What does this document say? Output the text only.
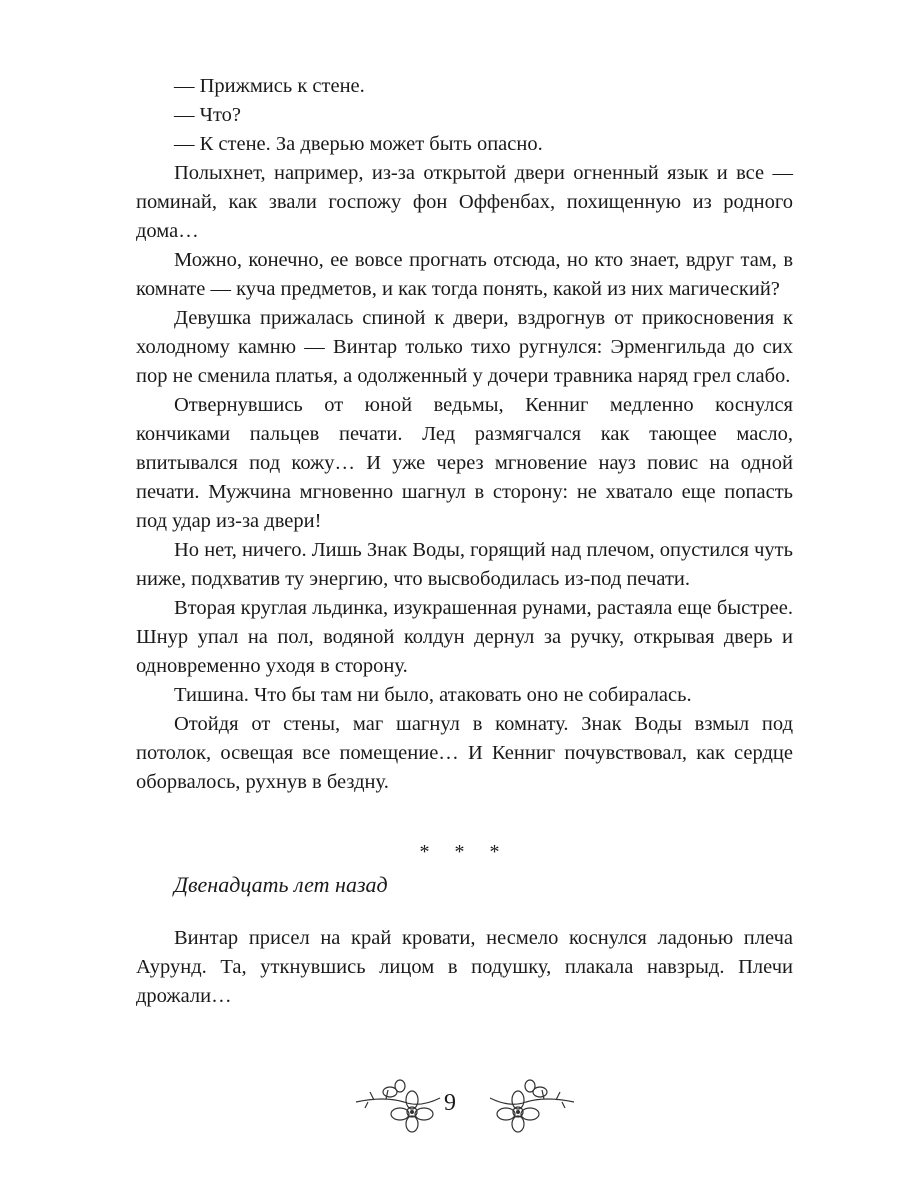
— Прижмись к стене.

— Что?

— К стене. За дверью может быть опасно.

Полыхнет, например, из-за открытой двери огненный язык и все — поминай, как звали госпожу фон Оффенбах, похищенную из родного дома…

Можно, конечно, ее вовсе прогнать отсюда, но кто знает, вдруг там, в комнате — куча предметов, и как тогда понять, какой из них магический?

Девушка прижалась спиной к двери, вздрогнув от прикосновения к холодному камню — Винтар только тихо ругнулся: Эрменгильда до сих пор не сменила платья, а одолженный у дочери травника наряд грел слабо.

Отвернувшись от юной ведьмы, Кенниг медленно коснулся кончиками пальцев печати. Лед размягчался как тающее масло, впитывался под кожу… И уже через мгновение науз повис на одной печати. Мужчина мгновенно шагнул в сторону: не хватало еще попасть под удар из-за двери!

Но нет, ничего. Лишь Знак Воды, горящий над плечом, опустился чуть ниже, подхватив ту энергию, что высвободилась из-под печати.

Вторая круглая льдинка, изукрашенная рунами, растаяла еще быстрее. Шнур упал на пол, водяной колдун дернул за ручку, открывая дверь и одновременно уходя в сторону.

Тишина. Что бы там ни было, атаковать оно не собиралась.

Отойдя от стены, маг шагнул в комнату. Знак Воды взмыл под потолок, освещая все помещение… И Кенниг почувствовал, как сердце оборвалось, рухнув в бездну.

* * *
Двенадцать лет назад

Винтар присел на край кровати, несмело коснулся ладонью плеча Аурунд. Та, уткнувшись лицом в подушку, плакала навзрыд. Плечи дрожали…

9
